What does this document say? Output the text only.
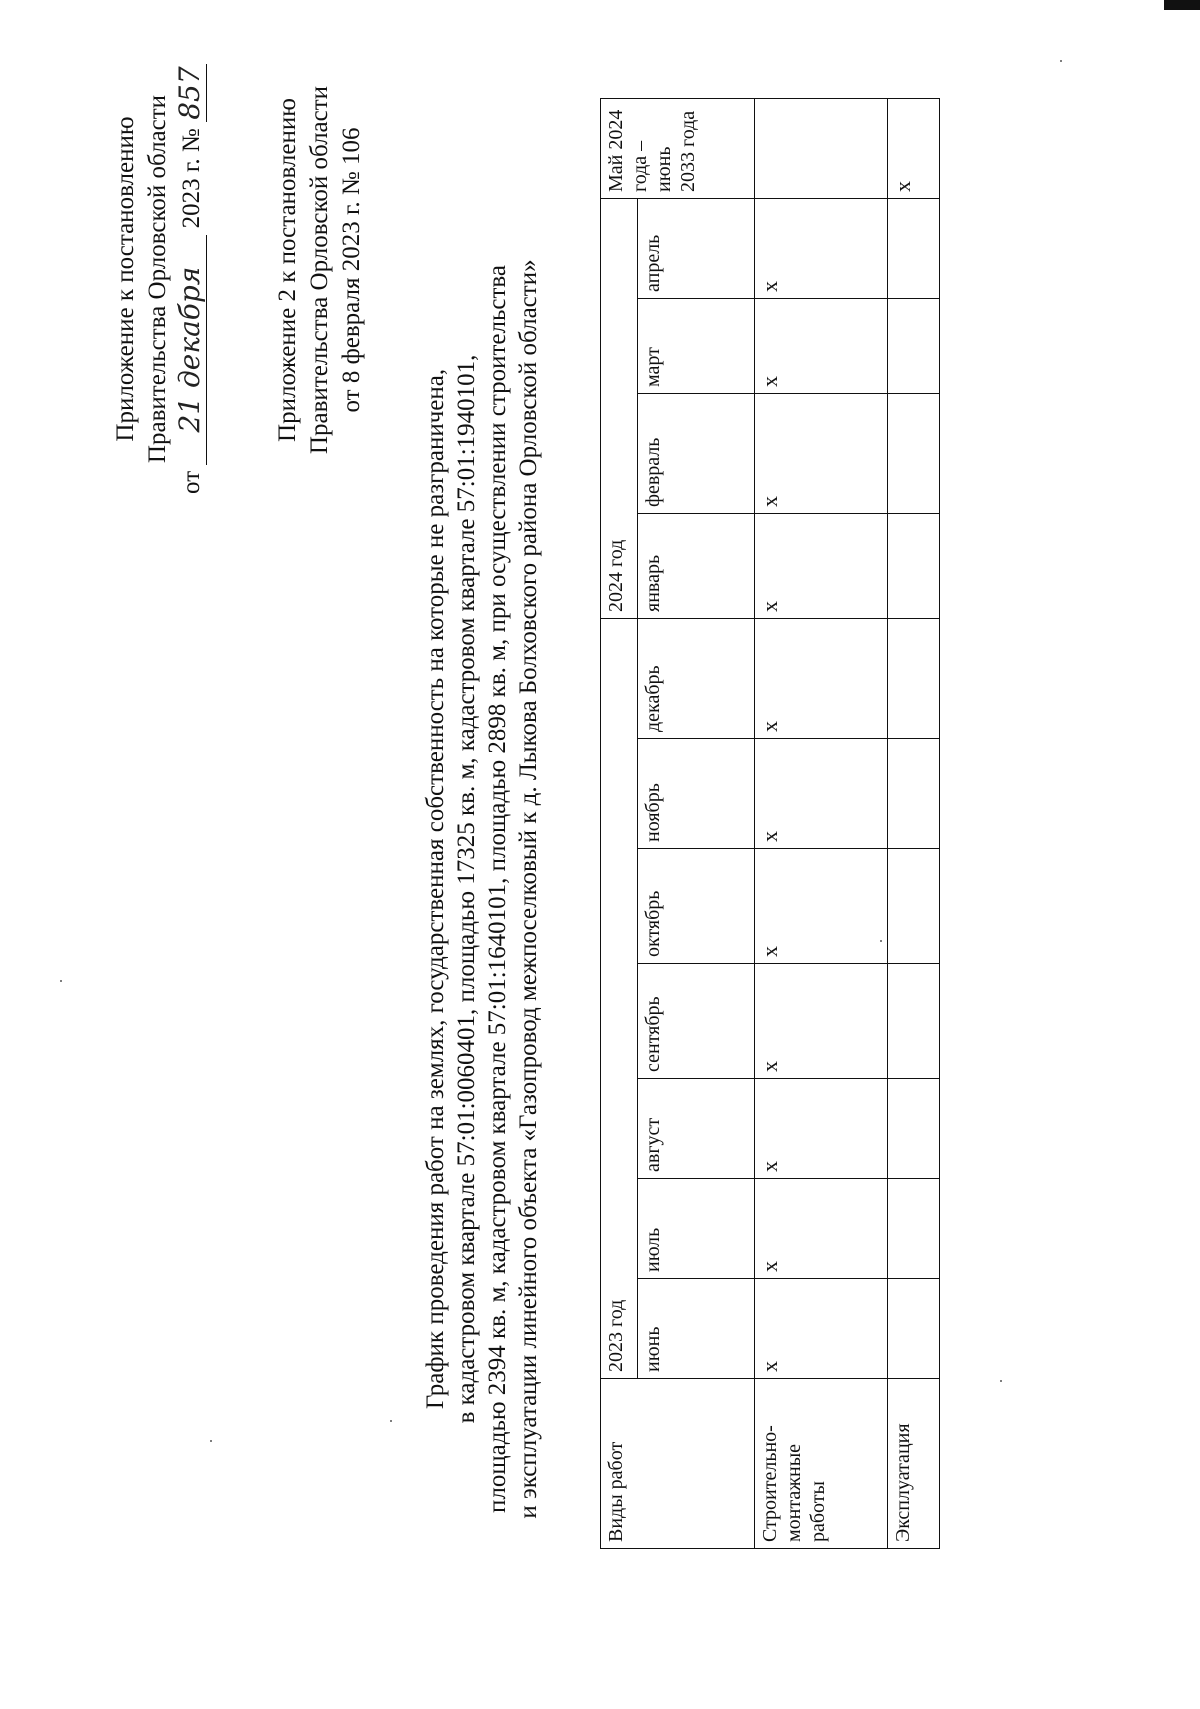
Приложение к постановлению Правительства Орловской области
от 21 декабря 2023 г. № 857
Приложение 2 к постановлению Правительства Орловской области от 8 февраля 2023 г. № 106
График проведения работ на землях, государственная собственность на которые не разграничена, в кадастровом квартале 57:01:0060401, площадью 17325 кв. м, кадастровом квартале 57:01:1940101, площадью 2394 кв. м, кадастровом квартале 57:01:1640101, площадью 2898 кв. м, при осуществлении строительства и эксплуатации линейного объекта «Газопровод межпоселковый к д. Лыкова Болховского района Орловской области»	Виды работ	2023 год							2024 год				Май 2024 года – июнь 2033 года
	июнь	июль	август	сентябрь	октябрь	ноябрь	декабрь	январь	февраль	март	апрель	
Строительно-монтажные работы	х	х	х	х	х	х	х	х	х	х	х	
Эксплуатация												х
